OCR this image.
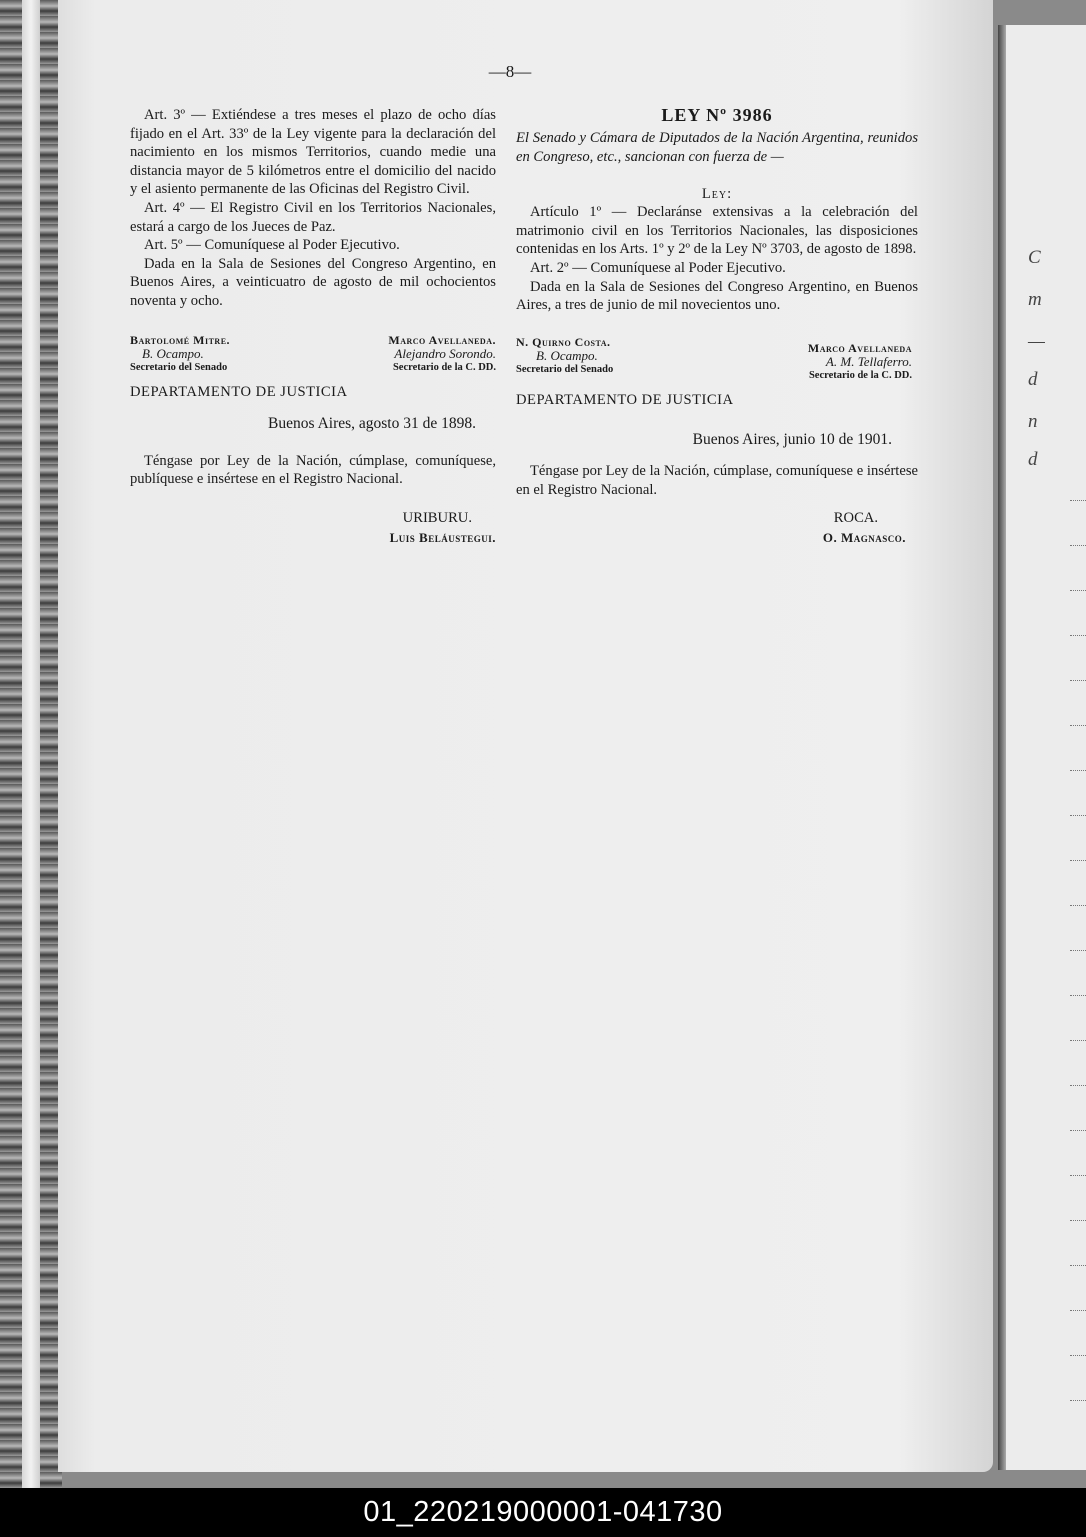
C
m
—
d
n
d
—8—

Art. 3º — Extiéndese a tres meses el plazo de ocho días fijado en el Art. 33º de la Ley vigente para la declaración del nacimiento en los mismos Territorios, cuando medie una distancia mayor de 5 kilómetros entre el domicilio del nacido y el asiento permanente de las Oficinas del Registro Civil.

Art. 4º — El Registro Civil en los Territorios Nacionales, estará a cargo de los Jueces de Paz.

Art. 5º — Comuníquese al Poder Ejecutivo.

Dada en la Sala de Sesiones del Congreso Argentino, en Buenos Aires, a veinticuatro de agosto de mil ochocientos noventa y ocho.

Bartolomé Mitre.
B. Ocampo.
Secretario del Senado
Marco Avellaneda.
Alejandro Sorondo.
Secretario de la C. DD.

DEPARTAMENTO DE JUSTICIA

Buenos Aires, agosto 31 de 1898.

Téngase por Ley de la Nación, cúmplase, comuníquese, publíquese e insértese en el Registro Nacional.

URIBURU.

Luis Beláustegui.

LEY Nº 3986

El Senado y Cámara de Diputados de la Nación Argentina, reunidos en Congreso, etc., sancionan con fuerza de —

Ley:

Artículo 1º — Declaránse extensivas a la celebración del matrimonio civil en los Territorios Nacionales, las disposiciones contenidas en los Arts. 1º y 2º de la Ley Nº 3703, de agosto de 1898.

Art. 2º — Comuníquese al Poder Ejecutivo.

Dada en la Sala de Sesiones del Congreso Argentino, en Buenos Aires, a tres de junio de mil novecientos uno.

N. Quirno Costa.
B. Ocampo.
Secretario del Senado
Marco Avellaneda
A. M. Tellaferro.
Secretario de la C. DD.

DEPARTAMENTO DE JUSTICIA

Buenos Aires, junio 10 de 1901.

Téngase por Ley de la Nación, cúmplase, comuníquese e insértese en el Registro Nacional.

ROCA.

O. Magnasco.

01_220219000001-041730
